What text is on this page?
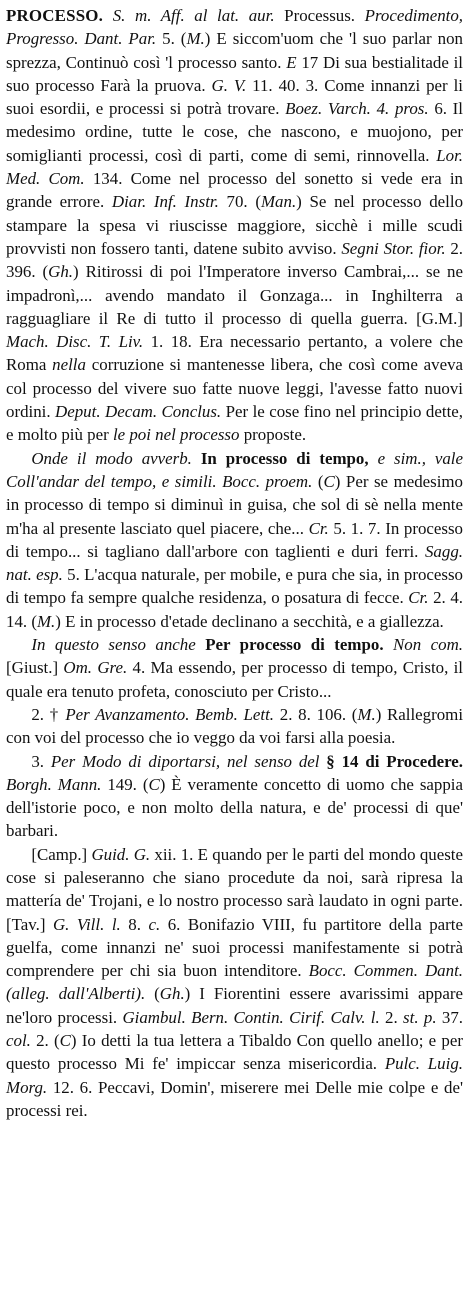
PROCESSO. S. m. Aff. al lat. aur. Processus. Procedimento, Progresso. Dant. Par. 5. (M.) E siccom'uom che 'l suo parlar non sprezza, Continuò così 'l processo santo. E 17 Di sua bestialitade il suo processo Farà la pruova. G. V. 11. 40. 3. Come innanzi per li suoi esordii, e processi si potrà trovare. Boez. Varch. 4. pros. 6. Il medesimo ordine, tutte le cose, che nascono, e muojono, per somiglianti processi, così di parti, come di semi, rinnovella. Lor. Med. Com. 134. Come nel processo del sonetto si vede era in grande errore. Diar. Inf. Instr. 70. (Man.) Se nel processo dello stampare la spesa vi riuscisse maggiore, sicchè i mille scudi provvisti non fossero tanti, datene subito avviso. Segni Stor. fior. 2. 396. (Gh.) Ritirossi di poi l'Imperatore inverso Cambrai,... se ne impadronì,... avendo mandato il Gonzaga... in Inghilterra a ragguagliare il Re di tutto il processo di quella guerra. [G.M.] Mach. Disc. T. Liv. 1. 18. Era necessario pertanto, a volere che Roma nella corruzione si mantenesse libera, che così come aveva col processo del vivere suo fatte nuove leggi, l'avesse fatto nuovi ordini. Deput. Decam. Conclus. Per le cose fino nel principio dette, e molto più per le poi nel processo proposte.

Onde il modo avverb. In processo di tempo, e sim., vale Coll'andar del tempo, e simili. Bocc. proem. (C) Per se medesimo in processo di tempo si diminuì in guisa, che sol di sè nella mente m'ha al presente lasciato quel piacere, che... Cr. 5. 1. 7. In processo di tempo... si tagliano dall'arbore con taglienti e duri ferri. Sagg. nat. esp. 5. L'acqua naturale, per mobile, e pura che sia, in processo di tempo fa sempre qualche residenza, o posatura di fecce. Cr. 2. 4. 14. (M.) E in processo d'etade declinano a secchità, e a giallezza.

In questo senso anche Per processo di tempo. Non com. [Giust.] Om. Gre. 4. Ma essendo, per processo di tempo, Cristo, il quale era tenuto profeta, conosciuto per Cristo...

2. † Per Avanzamento. Bemb. Lett. 2. 8. 106. (M.) Rallegromi con voi del processo che io veggo da voi farsi alla poesia.

3. Per Modo di diportarsi, nel senso del § 14 di Procedere. Borgh. Mann. 149. (C) È veramente concetto di uomo che sappia dell'istorie poco, e non molto della natura, e de' processi di que' barbari.

[Camp.] Guid. G. xii. 1. E quando per le parti del mondo queste cose si paleseranno che siano procedute da noi, sarà ripresa la mattería de' Trojani, e lo nostro processo sarà laudato in ogni parte. [Tav.] G. Vill. l. 8. c. 6. Bonifazio VIII, fu partitore della parte guelfa, come innanzi ne' suoi processi manifestamente si potrà comprendere per chi sia buon intenditore. Bocc. Commen. Dant. (alleg. dall'Alberti). (Gh.) I Fiorentini essere avarissimi appare ne'loro processi. Giambul. Bern. Contin. Cirif. Calv. l. 2. st. p. 37. col. 2. (C) Io detti la tua lettera a Tibaldo Con quello anello; e per questo processo Mi fe' impiccar senza misericordia. Pulc. Luig. Morg. 12. 6. Peccavi, Domin', miserere mei Delle mie colpe e de' processi rei.
